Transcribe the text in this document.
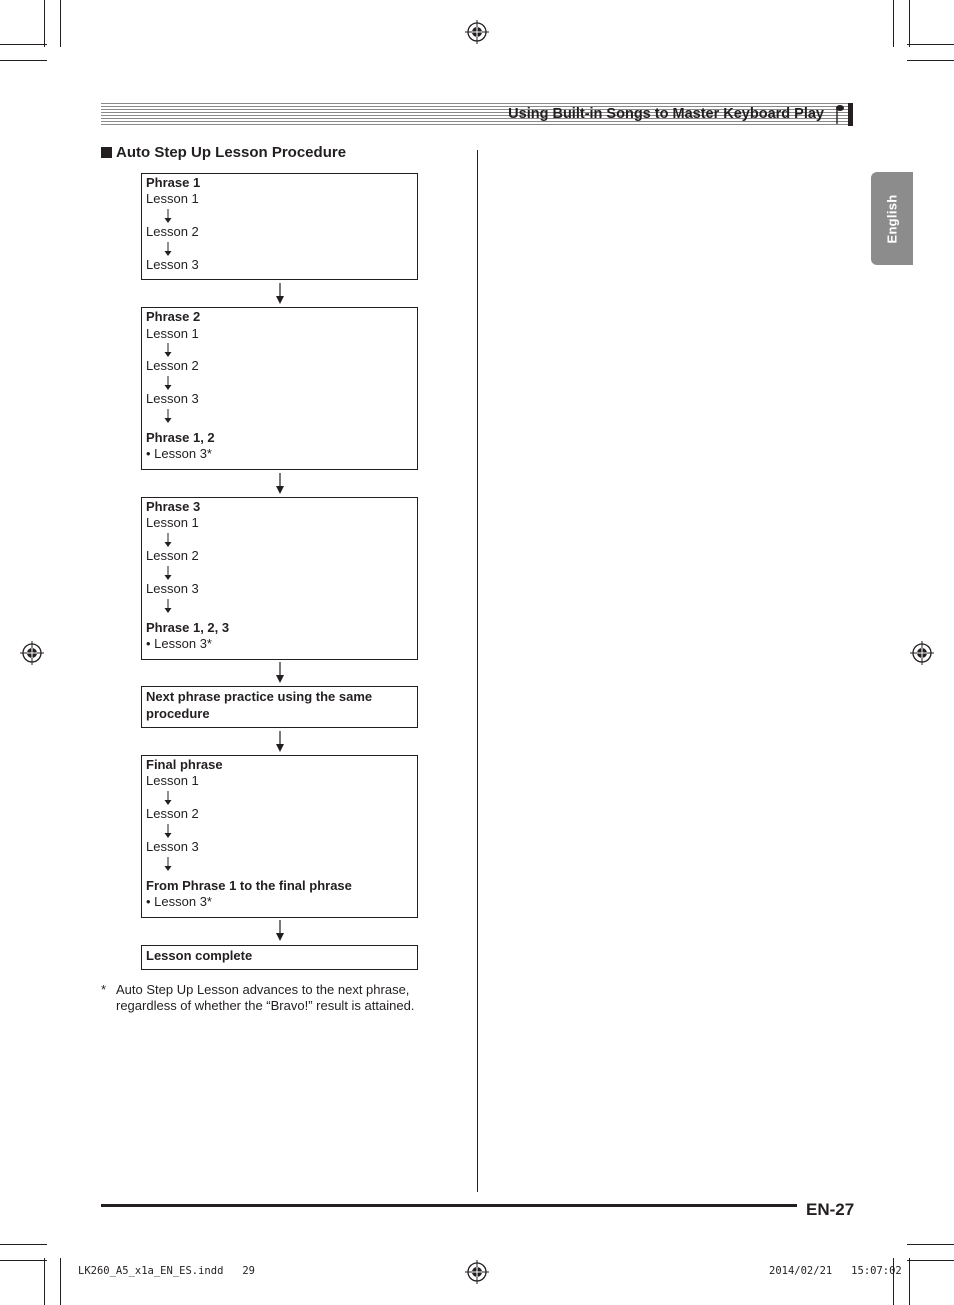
Using Built-in Songs to Master Keyboard Play
English
Auto Step Up Lesson Procedure
Phrase 1
Lesson 1
Lesson 2
Lesson 3
Phrase 2
Lesson 1
Lesson 2
Lesson 3
Phrase 1, 2
• Lesson 3*
Phrase 3
Lesson 1
Lesson 2
Lesson 3
Phrase 1, 2, 3
• Lesson 3*
Next phrase practice using the same
procedure
Final phrase
Lesson 1
Lesson 2
Lesson 3
From Phrase 1 to the final phrase
• Lesson 3*
Lesson complete
* Auto Step Up Lesson advances to the next phrase,
regardless of whether the “Bravo!” result is attained.
EN-27
LK260_A5_x1a_EN_ES.indd   29	2014/02/21   15:07:02
